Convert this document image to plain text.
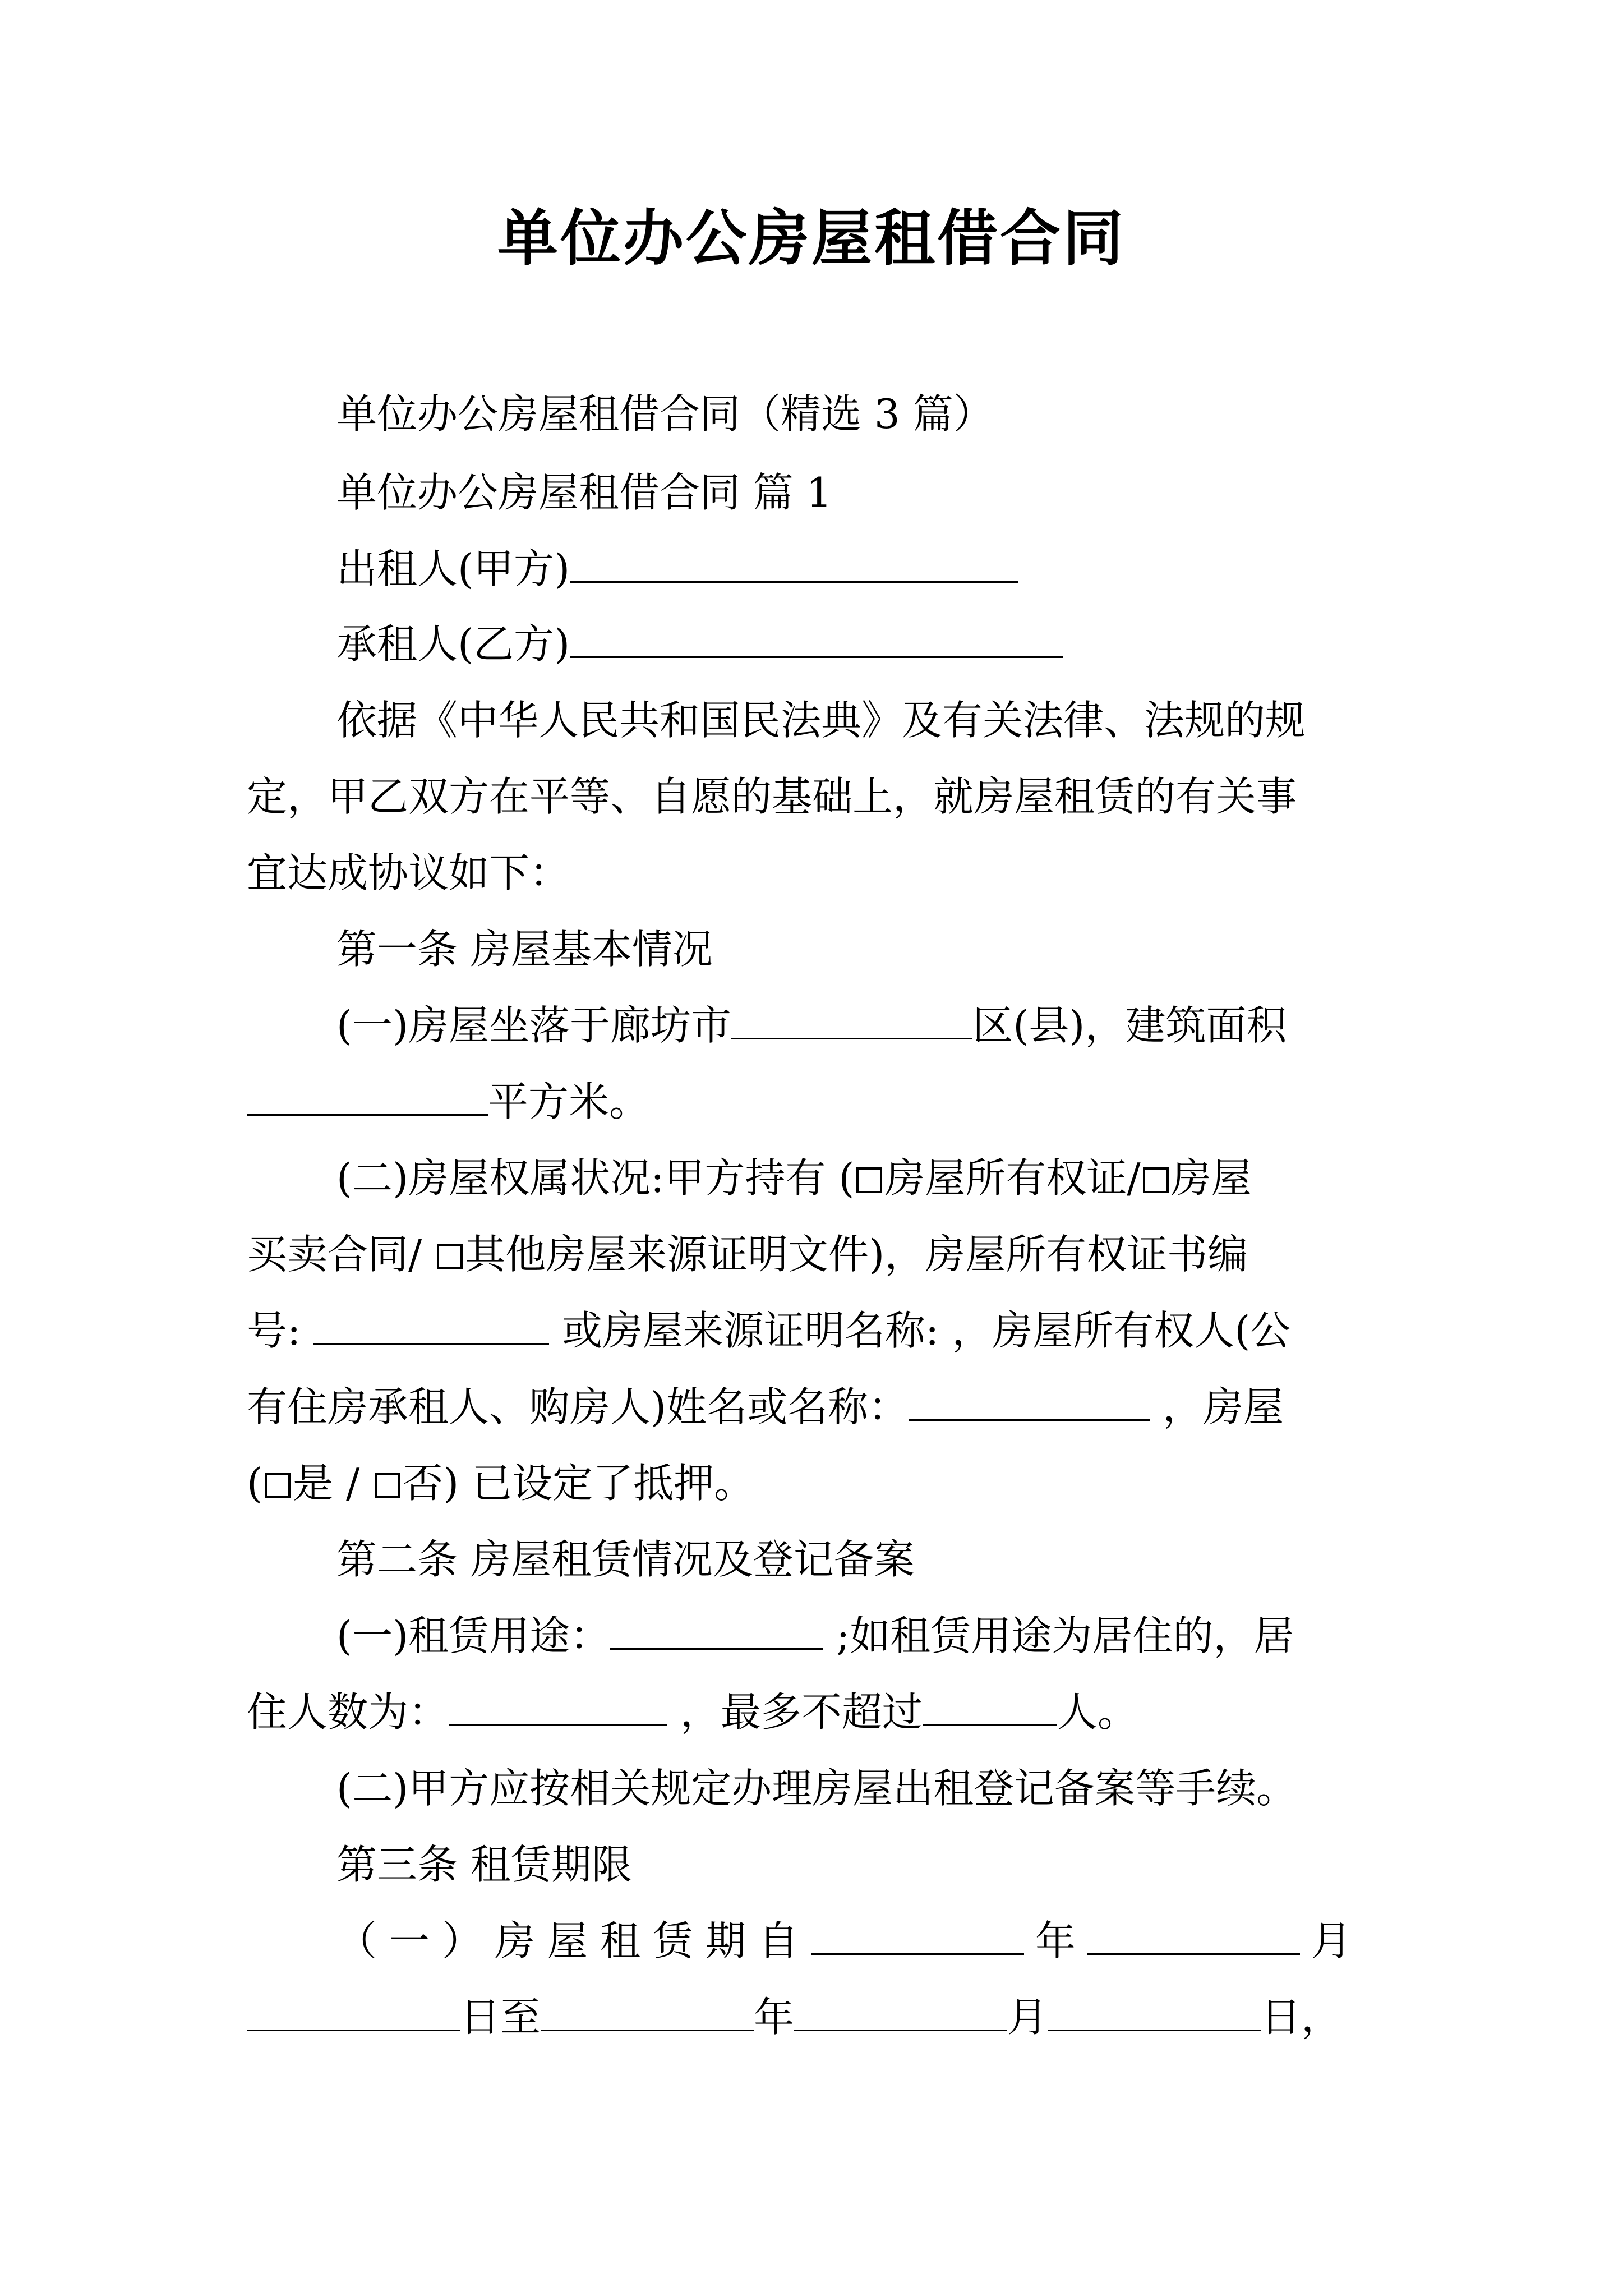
单位办公房屋租借合同
单位办公房屋租借合同（精选 3 篇）
单位办公房屋租借合同 篇 1
出租人(甲方)
承租人(乙方)
依据《中华人民共和国民法典》及有关法律、法规的规
定，甲乙双方在平等、自愿的基础上，就房屋租赁的有关事
宜达成协议如下：
第一条 房屋基本情况
(一)房屋坐落于廊坊市	区(县)，建筑面积
平方米。
(二)房屋权属状况:甲方持有 ( 房屋所有权证/ 房屋
买卖合同/ 其他房屋来源证明文件)，房屋所有权证书编
号:	或房屋来源证明名称: ，房屋所有权人(公
有住房承租人、购房人)姓名或名称：	，房屋
( 是 / 否) 已设定了抵押。
第二条 房屋租赁情况及登记备案
(一)租赁用途：	;如租赁用途为居住的，居
住人数为：	，最多不超过	人。
(二)甲方应按相关规定办理房屋出租登记备案等手续。
第三条 租赁期限
（一）房屋租赁期自	年	月
日至	年	月	日，
